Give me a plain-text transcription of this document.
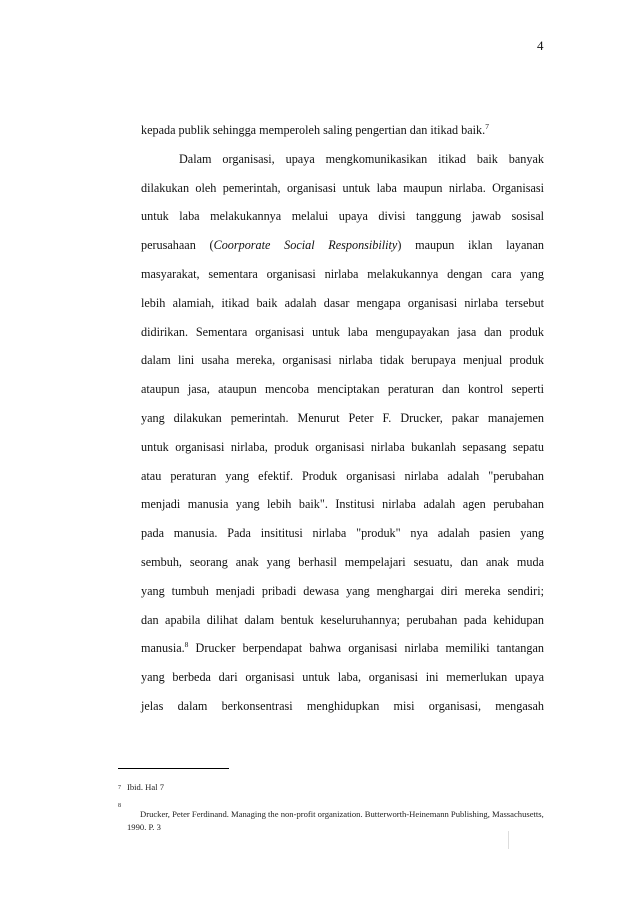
4
kepada publik sehingga memperoleh saling pengertian dan itikad baik.$^7$
Dalam organisasi, upaya mengkomunikasikan itikad baik banyak
dilakukan oleh pemerintah, organisasi untuk laba maupun nirlaba. Organisasi
untuk laba melakukannya melalui upaya divisi tanggung jawab sosisal
perusahaan (Coorporate Social Responsibility) maupun iklan layanan
masyarakat, sementara organisasi nirlaba melakukannya dengan cara yang
lebih alamiah, itikad baik adalah dasar mengapa organisasi nirlaba tersebut
didirikan. Sementara organisasi untuk laba mengupayakan jasa dan produk
dalam lini usaha mereka, organisasi nirlaba tidak berupaya menjual produk
ataupun jasa, ataupun mencoba menciptakan peraturan dan kontrol seperti
yang dilakukan pemerintah. Menurut Peter F. Drucker, pakar manajemen
untuk organisasi nirlaba, produk organisasi nirlaba bukanlah sepasang sepatu
atau peraturan yang efektif. Produk organisasi nirlaba adalah "perubahan
menjadi manusia yang lebih baik". Institusi nirlaba adalah agen perubahan
pada manusia. Pada insititusi nirlaba "produk" nya adalah pasien yang
sembuh, seorang anak yang berhasil mempelajari sesuatu, dan anak muda
yang tumbuh menjadi pribadi dewasa yang menghargai diri mereka sendiri;
dan apabila dilihat dalam bentuk keseluruhannya; perubahan pada kehidupan
manusia.$^8$ Drucker berpendapat bahwa organisasi nirlaba memiliki tantangan
yang berbeda dari organisasi untuk laba, organisasi ini memerlukan upaya
jelas dalam berkonsentrasi menghidupkan misi organisasi, mengasah
7 Ibid. Hal 7
8
Drucker, Peter Ferdinand. Managing the non-profit organization. Butterworth-Heinemann Publishing, Massachusetts,
1990. P. 3
